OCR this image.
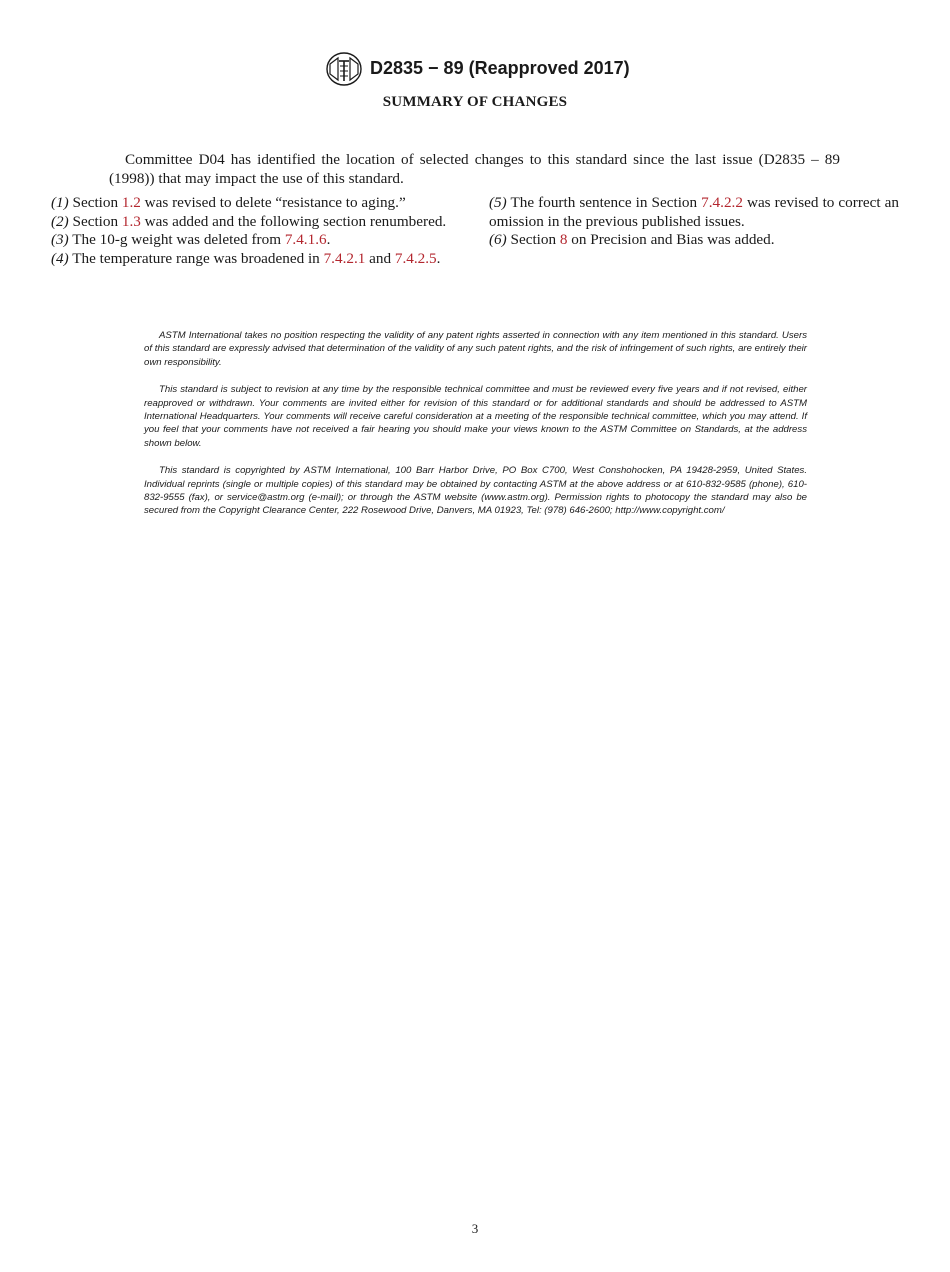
D2835 − 89 (Reapproved 2017)
SUMMARY OF CHANGES

Committee D04 has identified the location of selected changes to this standard since the last issue (D2835 – 89 (1998)) that may impact the use of this standard.

(1) Section 1.2 was revised to delete “resistance to aging.”

(2) Section 1.3 was added and the following section renumbered.

(3) The 10-g weight was deleted from 7.4.1.6.

(4) The temperature range was broadened in 7.4.2.1 and 7.4.2.5.

(5) The fourth sentence in Section 7.4.2.2 was revised to correct an omission in the previous published issues.

(6) Section 8 on Precision and Bias was added.

ASTM International takes no position respecting the validity of any patent rights asserted in connection with any item mentioned in this standard. Users of this standard are expressly advised that determination of the validity of any such patent rights, and the risk of infringement of such rights, are entirely their own responsibility.

This standard is subject to revision at any time by the responsible technical committee and must be reviewed every five years and if not revised, either reapproved or withdrawn. Your comments are invited either for revision of this standard or for additional standards and should be addressed to ASTM International Headquarters. Your comments will receive careful consideration at a meeting of the responsible technical committee, which you may attend. If you feel that your comments have not received a fair hearing you should make your views known to the ASTM Committee on Standards, at the address shown below.

This standard is copyrighted by ASTM International, 100 Barr Harbor Drive, PO Box C700, West Conshohocken, PA 19428-2959, United States. Individual reprints (single or multiple copies) of this standard may be obtained by contacting ASTM at the above address or at 610-832-9585 (phone), 610-832-9555 (fax), or service@astm.org (e-mail); or through the ASTM website (www.astm.org). Permission rights to photocopy the standard may also be secured from the Copyright Clearance Center, 222 Rosewood Drive, Danvers, MA 01923, Tel: (978) 646-2600; http://www.copyright.com/

3
